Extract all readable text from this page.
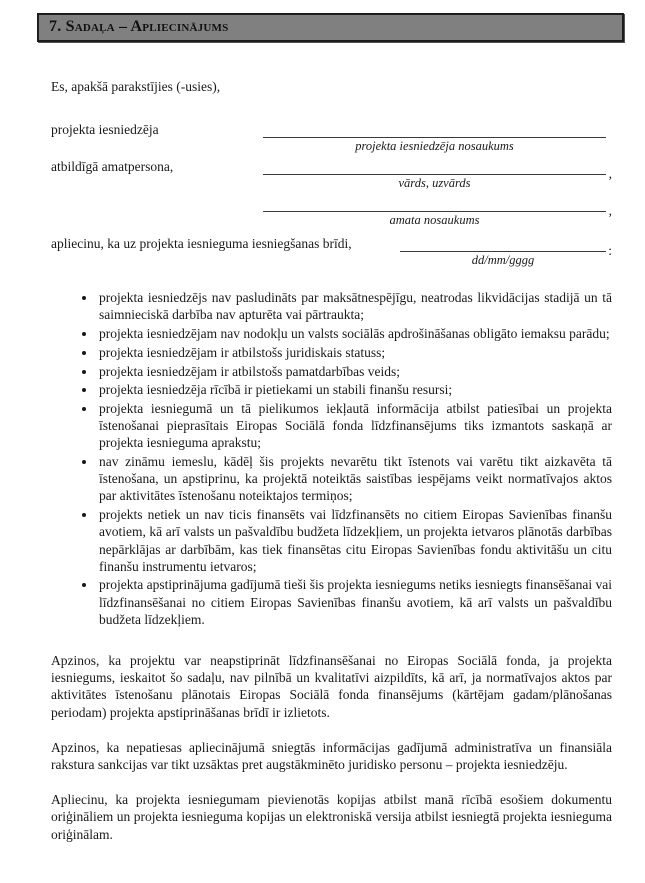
7. Sadaļa – Apliecinājums
Es, apakšā parakstījies (-usies),
projekta iesniedzēja
projekta iesniedzēja nosaukums
atbildīgā amatpersona,
vārds, uzvārds
,
amata nosaukums
,
apliecinu, ka uz projekta iesnieguma iesniegšanas brīdi,
dd/mm/gggg
:
• projekta iesniedzējs nav pasludināts par maksātnespējīgu, neatrodas likvidācijas stadijā un tā saimnieciskā darbība nav apturēta vai pārtraukta;
• projekta iesniedzējam nav nodokļu un valsts sociālās apdrošināšanas obligāto iemaksu parādu;
• projekta iesniedzējam ir atbilstošs juridiskais statuss;
• projekta iesniedzējam ir atbilstošs pamatdarbības veids;
• projekta iesniedzēja rīcībā ir pietiekami un stabili finanšu resursi;
• projekta iesniegumā un tā pielikumos iekļautā informācija atbilst patiesībai un projekta īstenošanai pieprasītais Eiropas Sociālā fonda līdzfinansējums tiks izmantots saskaņā ar projekta iesnieguma aprakstu;
• nav zināmu iemeslu, kādēļ šis projekts nevarētu tikt īstenots vai varētu tikt aizkavēta tā īstenošana, un apstiprinu, ka projektā noteiktās saistības iespējams veikt normatīvajos aktos par aktivitātes īstenošanu noteiktajos termiņos;
• projekts netiek un nav ticis finansēts vai līdzfinansēts no citiem Eiropas Savienības finanšu avotiem, kā arī valsts un pašvaldību budžeta līdzekļiem, un projekta ietvaros plānotās darbības nepārklājas ar darbībām, kas tiek finansētas citu Eiropas Savienības fondu aktivitāšu un citu finanšu instrumentu ietvaros;
• projekta apstiprinājuma gadījumā tieši šis projekta iesniegums netiks iesniegts finansēšanai vai līdzfinansēšanai no citiem Eiropas Savienības finanšu avotiem, kā arī valsts un pašvaldību budžeta līdzekļiem.

Apzinos, ka projektu var neapstiprināt līdzfinansēšanai no Eiropas Sociālā fonda, ja projekta iesniegums, ieskaitot šo sadaļu, nav pilnībā un kvalitatīvi aizpildīts, kā arī, ja normatīvajos aktos par aktivitātes īstenošanu plānotais Eiropas Sociālā fonda finansējums (kārtējam gadam/plānošanas periodam) projekta apstiprināšanas brīdī ir izlietots.

Apzinos, ka nepatiesas apliecinājumā sniegtās informācijas gadījumā administratīva un finansiāla rakstura sankcijas var tikt uzsāktas pret augstākminēto juridisko personu – projekta iesniedzēju.

Apliecinu, ka projekta iesniegumam pievienotās kopijas atbilst manā rīcībā esošiem dokumentu oriģināliem un projekta iesnieguma kopijas un elektroniskā versija atbilst iesniegtā projekta iesnieguma oriģinālam.
